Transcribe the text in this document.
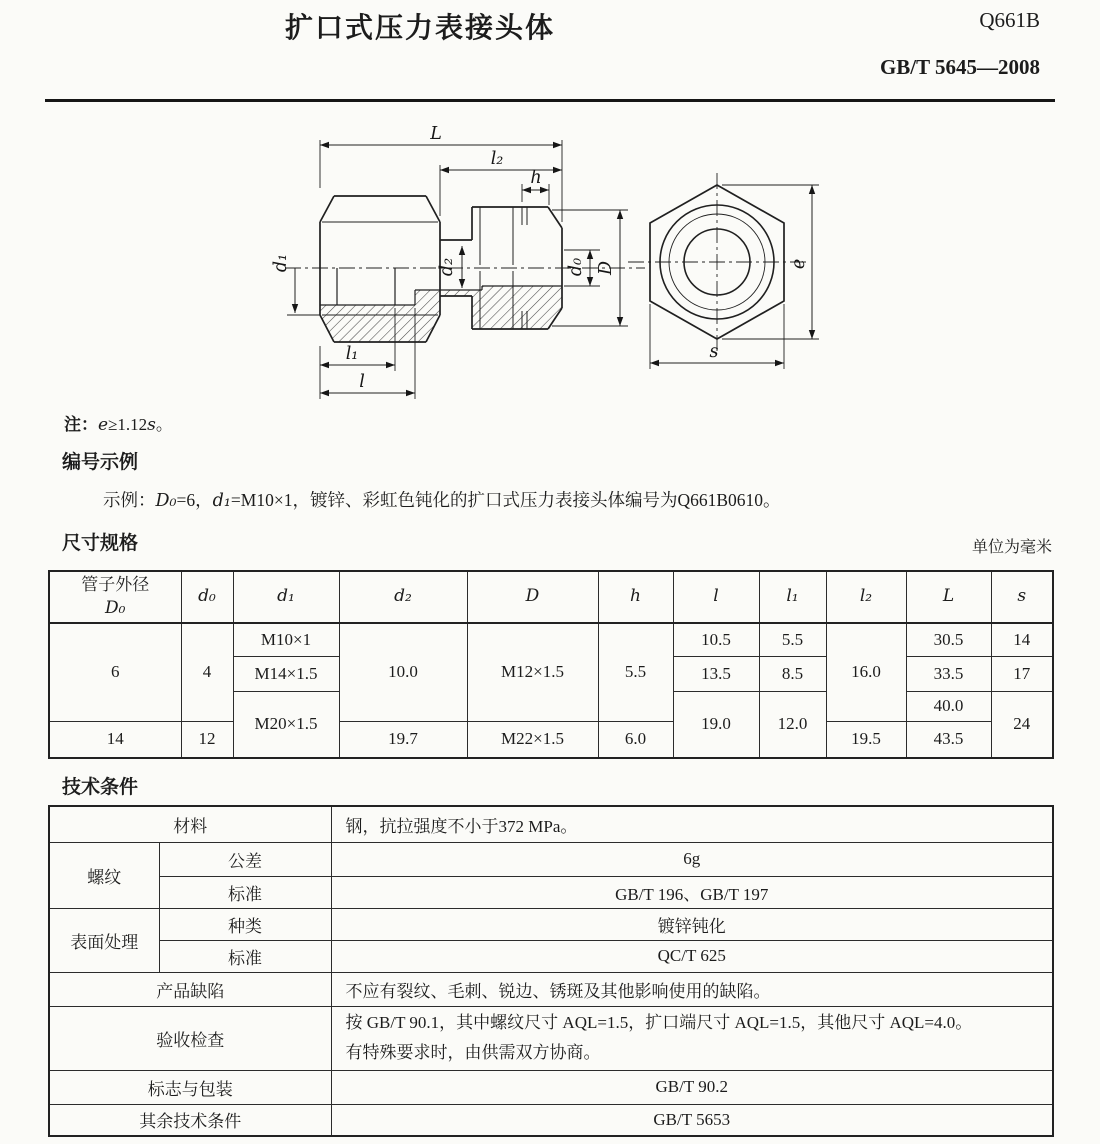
扩口式压力表接头体	Q661B
GB/T 5645—2008
L
l₂
h
d₁	d₂	d₀ D
l₁
l
e
s
注：e≥1.12s。
编号示例
示例：D₀=6，d₁=M10×1，镀锌、彩虹色钝化的扩口式压力表接头体编号为Q661B0610。
尺寸规格	单位为毫米
管子外径
D₀	d₀	d₁	d₂	D	h	l	l₁	l₂	L	s
6	4	M10×1	10.0	M12×1.5	5.5	10.5	5.5	16.0	30.5	14
		M14×1.5				13.5	8.5		33.5	17
		M20×1.5				19.0	12.0		40.0	24
14	12		19.7	M22×1.5	6.0			19.5	43.5	
技术条件
材料		钢，抗拉强度不小于372 MPa。
螺纹	公差	6g
	标准	GB/T 196、GB/T 197
表面处理	种类	镀锌钝化
	标准	QC/T 625
产品缺陷		不应有裂纹、毛刺、锐边、锈斑及其他影响使用的缺陷。
验收检查		按 GB/T 90.1，其中螺纹尺寸 AQL=1.5，扩口端尺寸 AQL=1.5，其他尺寸 AQL=4.0。
有特殊要求时，由供需双方协商。

标志与包装		GB/T 90.2
其余技术条件		GB/T 5653
